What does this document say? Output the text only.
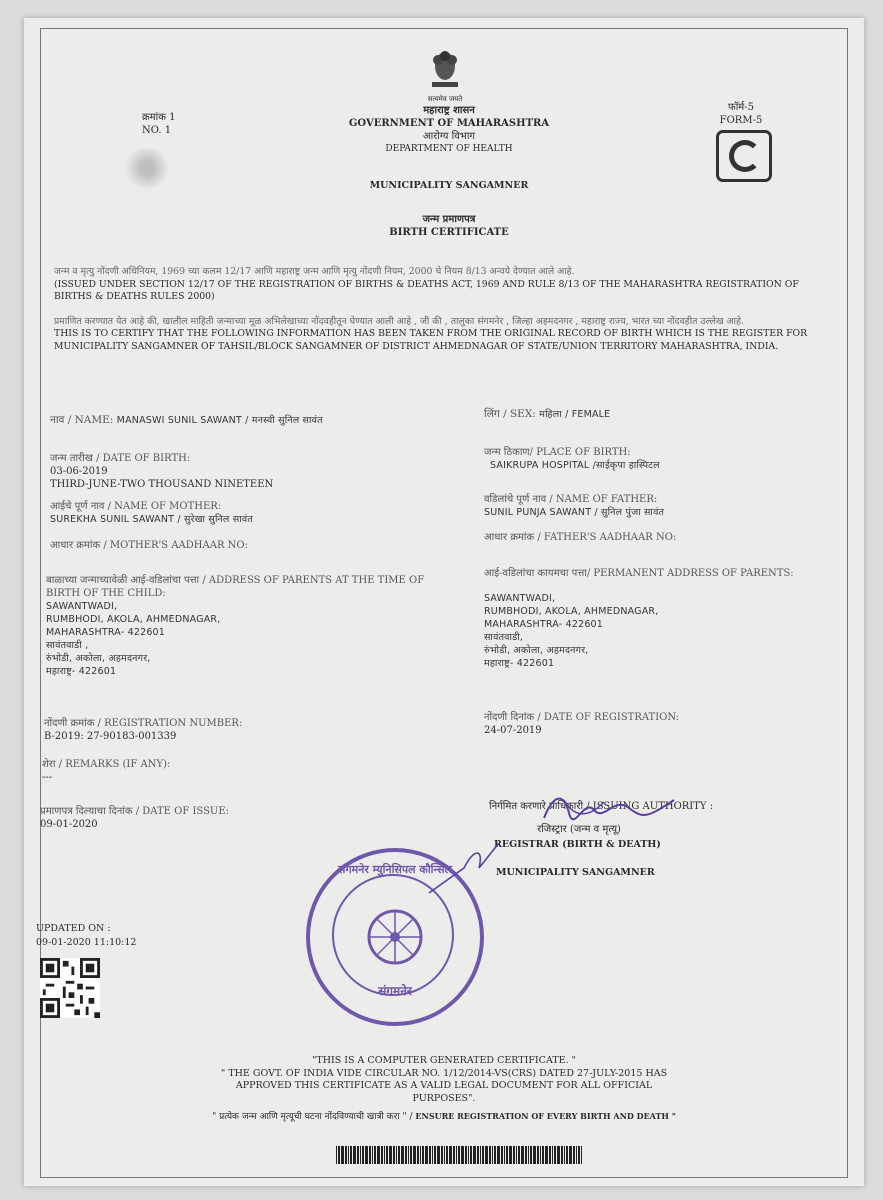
सत्यमेव जयते
क्रमांक 1
NO. 1
महाराष्ट्र शासन
GOVERNMENT OF MAHARASHTRA
आरोग्य विभाग
DEPARTMENT OF HEALTH
फॉर्म-5
FORM-5
MUNICIPALITY SANGAMNER
जन्म प्रमाणपत्र
BIRTH CERTIFICATE
जन्म व मृत्यु नोंदणी अधिनियम, 1969 च्या कलम 12/17 आणि महाराष्ट्र जन्म आणि मृत्यु नोंदणी नियम, 2000 चे नियम 8/13 अन्वये देण्यात आले आहे.
(ISSUED UNDER SECTION 12/17 OF THE REGISTRATION OF BIRTHS & DEATHS ACT, 1969 AND RULE 8/13 OF THE MAHARASHTRA REGISTRATION OF BIRTHS & DEATHS RULES 2000)
प्रमाणित करण्यात येत आहे की, खालील माहिती जन्माच्या मूळ अभिलेखाच्या नोंदवहीतून घेण्यात आली आहे , जी की , तालुका संगमनेर , जिल्हा अहमदनगर , महाराष्ट्र राज्य, भारत च्या नोंदवहीत उल्लेख आहे.
THIS IS TO CERTIFY THAT THE FOLLOWING INFORMATION HAS BEEN TAKEN FROM THE ORIGINAL RECORD OF BIRTH WHICH IS THE REGISTER FOR MUNICIPALITY SANGAMNER OF TAHSIL/BLOCK SANGAMNER OF DISTRICT AHMEDNAGAR OF STATE/UNION TERRITORY MAHARASHTRA, INDIA.
नाव / NAME: MANASWI SUNIL SAWANT / मनस्वी सुनिल सावंत
लिंग / SEX: महिला / FEMALE
जन्म तारीख / DATE OF BIRTH:
03-06-2019
THIRD-JUNE-TWO THOUSAND NINETEEN
जन्म ठिकाण/ PLACE OF BIRTH:
SAIKRUPA HOSPITAL /साईकृपा हास्पिटल
आईचे पूर्ण नाव / NAME OF MOTHER:
SUREKHA SUNIL SAWANT / सुरेखा सुनिल सावंत
वडिलांचे पूर्ण नाव / NAME OF FATHER:
SUNIL PUNJA SAWANT / सुनिल पुंजा सावंत
आधार क्रमांक / MOTHER'S AADHAAR NO:
आधार क्रमांक / FATHER'S AADHAAR NO:
बाळाच्या जन्माच्यावेळी आई-वडिलांचा पत्ता / ADDRESS OF PARENTS AT THE TIME OF
BIRTH OF THE CHILD:
SAWANTWADI,
RUMBHODI, AKOLA, AHMEDNAGAR,
MAHARASHTRA- 422601
सावंतवाडी ,
रुंभोडी, अकोला, अहमदनगर,
महाराष्ट्र- 422601
आई-वडिलांचा कायमचा पत्ता/ PERMANENT ADDRESS OF PARENTS:
SAWANTWADI,
RUMBHODI, AKOLA, AHMEDNAGAR,
MAHARASHTRA- 422601
सावंतवाडी,
रुंभोडी, अकोला, अहमदनगर,
महाराष्ट्र- 422601
नोंदणी क्रमांक / REGISTRATION NUMBER:
B-2019: 27-90183-001339
नोंदणी दिनांक / DATE OF REGISTRATION:
24-07-2019
शेरा / REMARKS (IF ANY):
---
प्रमाणपत्र दिल्याचा दिनांक / DATE OF ISSUE:
09-01-2020
निर्गमित करणारे प्राधिकारी / ISSUING AUTHORITY :
रजिस्ट्रार (जन्म व मृत्यू)
REGISTRAR (BIRTH & DEATH)
MUNICIPALITY SANGAMNER
संगमनेर म्युनिसिपल कौन्सिल
संगमनेर
UPDATED ON :
09-01-2020 11:10:12
"THIS IS A COMPUTER GENERATED CERTIFICATE. "
" THE GOVT. OF INDIA VIDE CIRCULAR NO. 1/12/2014-VS(CRS) DATED 27-JULY-2015 HAS
APPROVED THIS CERTIFICATE AS A VALID LEGAL DOCUMENT FOR ALL OFFICIAL PURPOSES".
" प्रत्येक जन्म आणि मृत्यूची घटना नोंदविण्याची खात्री करा " / ENSURE REGISTRATION OF EVERY BIRTH AND DEATH "
